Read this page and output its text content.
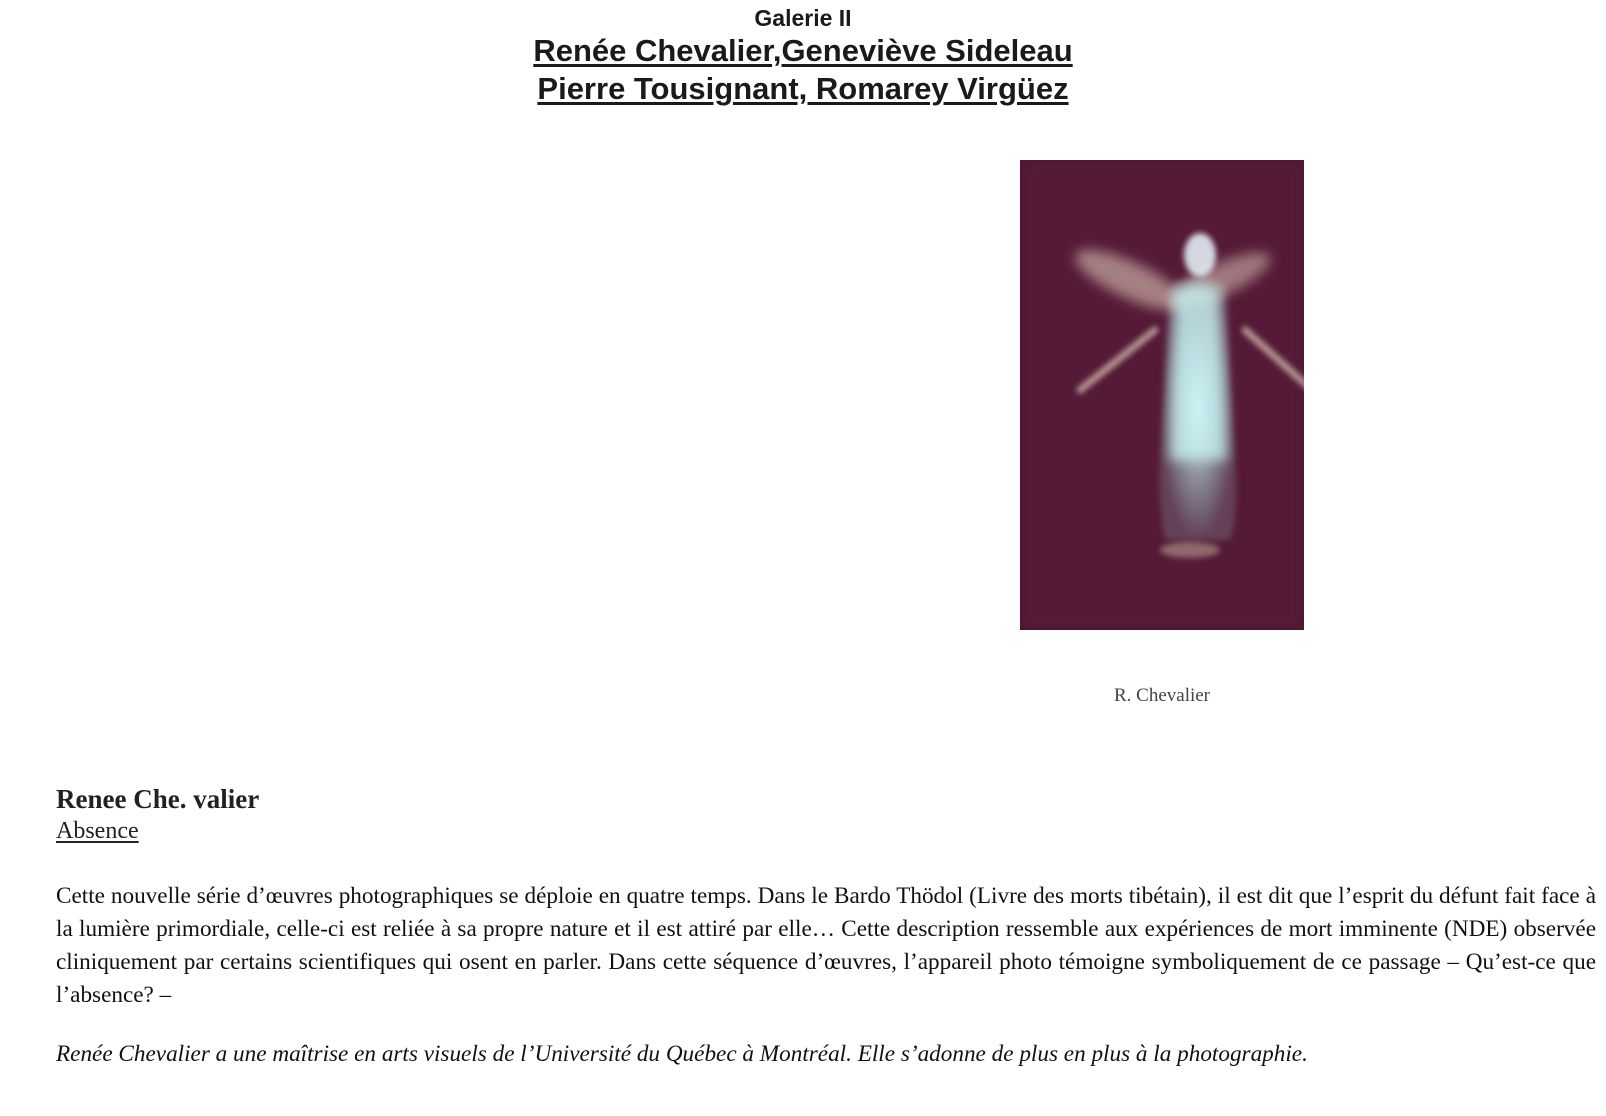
Galerie II
Renée Chevalier,Geneviève Sideleau
Pierre Tousignant, Romarey Virgüez
R. Chevalier
Renee Che. valier
Absence
Cette nouvelle série d’œuvres photographiques se déploie en quatre temps. Dans le Bardo Thödol (Livre des morts tibétain), il est dit que l’esprit du défunt fait face à la lumière primordiale, celle-ci est reliée à sa propre nature et il est attiré par elle… Cette description ressemble aux expériences de mort imminente (NDE) observée cliniquement par certains scientifiques qui osent en parler. Dans cette séquence d’œuvres, l’appareil photo témoigne symboliquement de ce passage – Qu’est-ce que l’absence? –
Renée Chevalier a une maîtrise en arts visuels de l’Université du Québec à Montréal. Elle s’adonne de plus en plus à la photographie.
